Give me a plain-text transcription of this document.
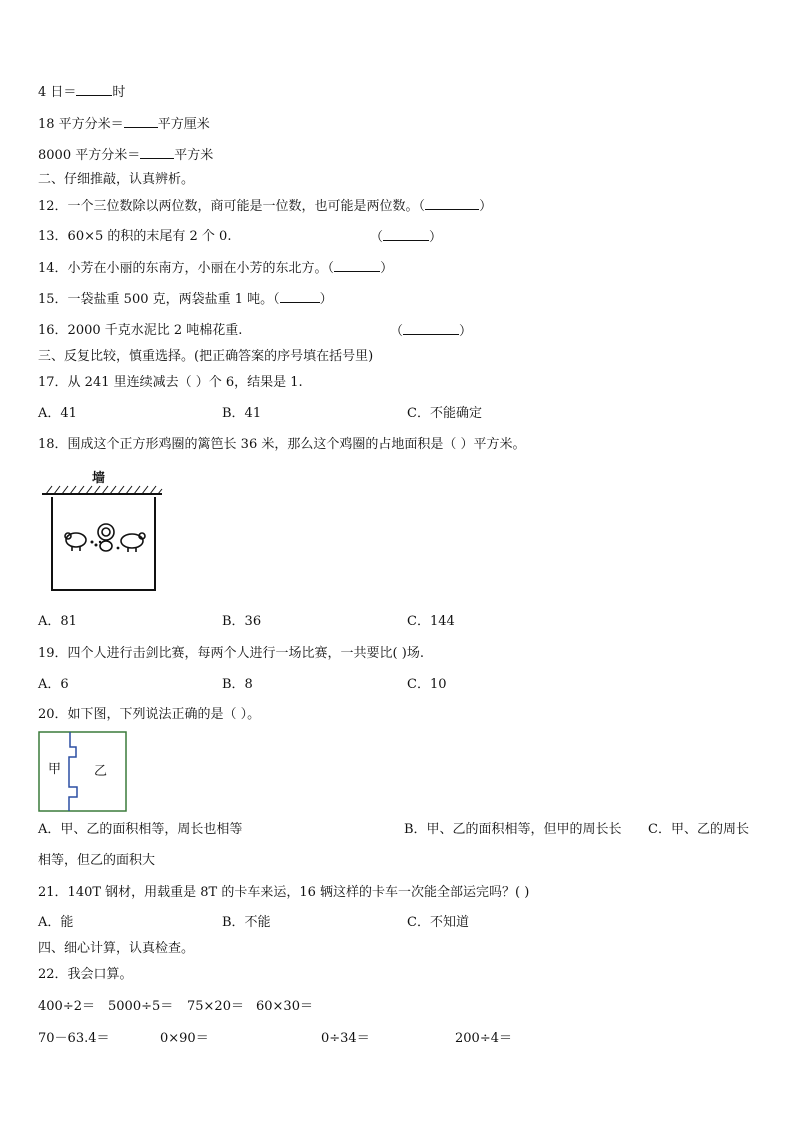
4 日＝	时
18 平方分米＝	平方厘米
8000 平方分米＝	平方米
二、仔细推敲，认真辨析。
12．一个三位数除以两位数，商可能是一位数，也可能是两位数。（	）
13．60×5 的积的末尾有 2 个 0.	（	）
14．小芳在小丽的东南方，小丽在小芳的东北方。（	）
15．一袋盐重 500 克，两袋盐重 1 吨。（	）
16．2000 千克水泥比 2 吨棉花重.	（	）
三、反复比较，慎重选择。(把正确答案的序号填在括号里)
17．从 241 里连续减去（ ）个 6，结果是 1.
A．41	B．41	C．不能确定
18．围成这个正方形鸡圈的篱笆长 36 米，那么这个鸡圈的占地面积是（ ）平方米。
墙
A．81	B．36	C．144
19．四个人进行击剑比赛，每两个人进行一场比赛，一共要比( )场.
A．6	B．8	C．10
20．如下图，下列说法正确的是（ ）。
甲	乙
A．甲、乙的面积相等，周长也相等	B．甲、乙的面积相等，但甲的周长长 C．甲、乙的周长
相等，但乙的面积大
21．140T 钢材，用载重是 8T 的卡车来运，16 辆这样的卡车一次能全部运完吗？( )
A．能	B．不能	C．不知道
四、细心计算，认真检查。
22．我会口算。
400÷2＝ 5000÷5＝ 75×20＝ 60×30＝
70－63.4＝	0×90＝	0÷34＝	200÷4＝
